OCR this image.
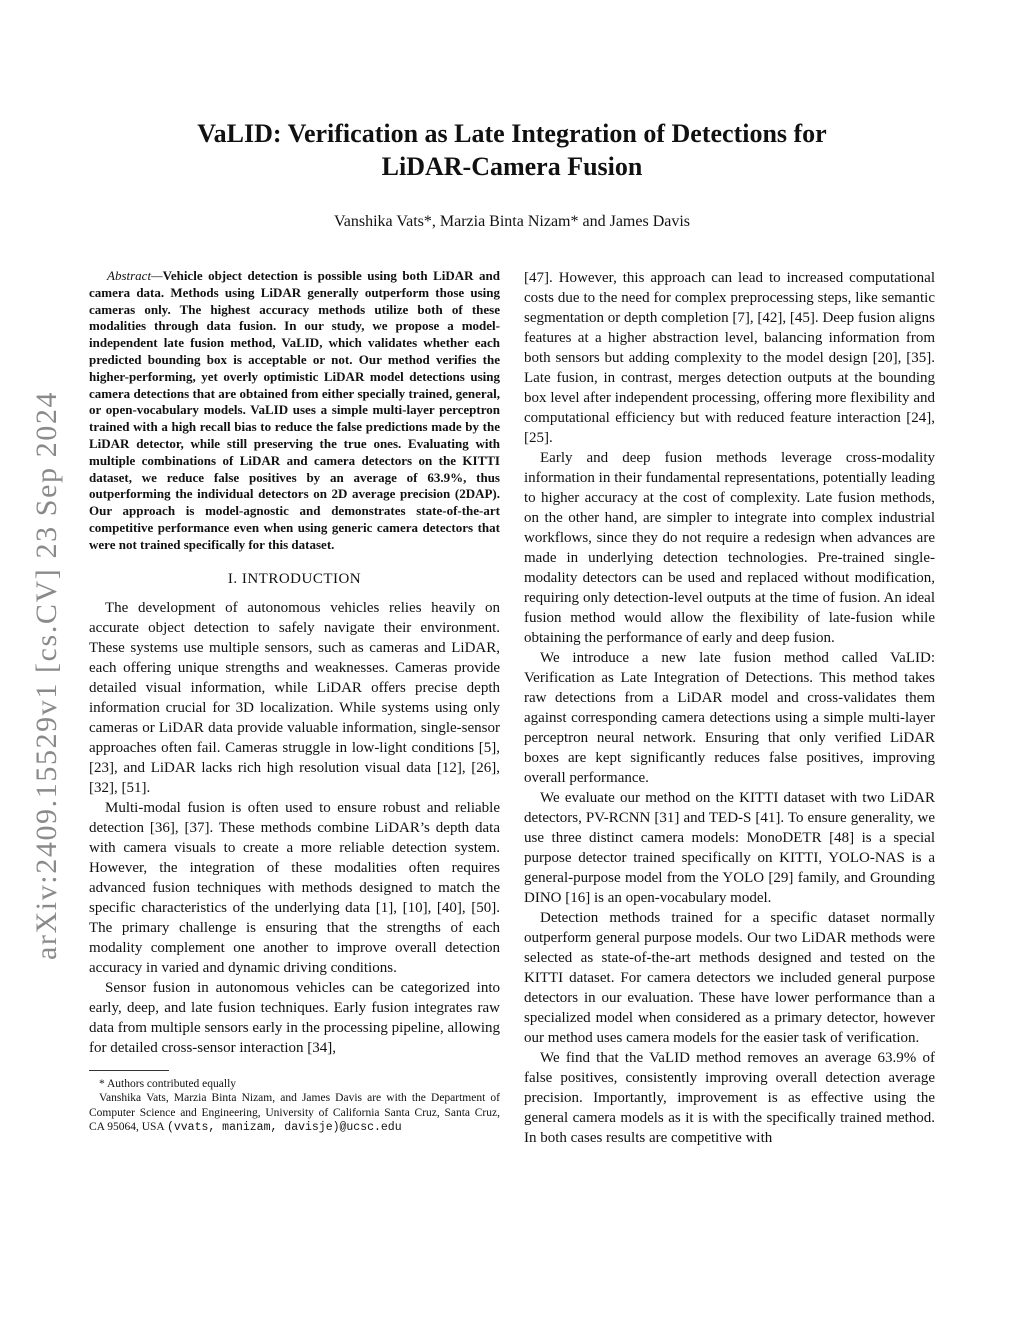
arXiv:2409.15529v1 [cs.CV] 23 Sep 2024
VaLID: Verification as Late Integration of Detections for
LiDAR-Camera Fusion
Vanshika Vats*, Marzia Binta Nizam* and James Davis

Abstract—Vehicle object detection is possible using both LiDAR and camera data. Methods using LiDAR generally outperform those using cameras only. The highest accuracy methods utilize both of these modalities through data fusion. In our study, we propose a model-independent late fusion method, VaLID, which validates whether each predicted bounding box is acceptable or not. Our method verifies the higher-performing, yet overly optimistic LiDAR model detections using camera detections that are obtained from either specially trained, general, or open-vocabulary models. VaLID uses a simple multi-layer perceptron trained with a high recall bias to reduce the false predictions made by the LiDAR detector, while still preserving the true ones. Evaluating with multiple combinations of LiDAR and camera detectors on the KITTI dataset, we reduce false positives by an average of 63.9%, thus outperforming the individual detectors on 2D average precision (2DAP). Our approach is model-agnostic and demonstrates state-of-the-art competitive performance even when using generic camera detectors that were not trained specifically for this dataset.

I. INTRODUCTION

The development of autonomous vehicles relies heavily on accurate object detection to safely navigate their environment. These systems use multiple sensors, such as cameras and LiDAR, each offering unique strengths and weaknesses. Cameras provide detailed visual information, while LiDAR offers precise depth information crucial for 3D localization. While systems using only cameras or LiDAR data provide valuable information, single-sensor approaches often fail. Cameras struggle in low-light conditions [5], [23], and LiDAR lacks rich high resolution visual data [12], [26], [32], [51].

Multi-modal fusion is often used to ensure robust and reliable detection [36], [37]. These methods combine LiDAR’s depth data with camera visuals to create a more reliable detection system. However, the integration of these modalities often requires advanced fusion techniques with methods designed to match the specific characteristics of the underlying data [1], [10], [40], [50]. The primary challenge is ensuring that the strengths of each modality complement one another to improve overall detection accuracy in varied and dynamic driving conditions.

Sensor fusion in autonomous vehicles can be categorized into early, deep, and late fusion techniques. Early fusion integrates raw data from multiple sensors early in the processing pipeline, allowing for detailed cross-sensor interaction [34],

* Authors contributed equally

Vanshika Vats, Marzia Binta Nizam, and James Davis are with the Department of Computer Science and Engineering, University of California Santa Cruz, Santa Cruz, CA 95064, USA (vvats, manizam, davisje)@ucsc.edu

[47]. However, this approach can lead to increased computational costs due to the need for complex preprocessing steps, like semantic segmentation or depth completion [7], [42], [45]. Deep fusion aligns features at a higher abstraction level, balancing information from both sensors but adding complexity to the model design [20], [35]. Late fusion, in contrast, merges detection outputs at the bounding box level after independent processing, offering more flexibility and computational efficiency but with reduced feature interaction [24], [25].

Early and deep fusion methods leverage cross-modality information in their fundamental representations, potentially leading to higher accuracy at the cost of complexity. Late fusion methods, on the other hand, are simpler to integrate into complex industrial workflows, since they do not require a redesign when advances are made in underlying detection technologies. Pre-trained single-modality detectors can be used and replaced without modification, requiring only detection-level outputs at the time of fusion. An ideal fusion method would allow the flexibility of late-fusion while obtaining the performance of early and deep fusion.

We introduce a new late fusion method called VaLID: Verification as Late Integration of Detections. This method takes raw detections from a LiDAR model and cross-validates them against corresponding camera detections using a simple multi-layer perceptron neural network. Ensuring that only verified LiDAR boxes are kept significantly reduces false positives, improving overall performance.

We evaluate our method on the KITTI dataset with two LiDAR detectors, PV-RCNN [31] and TED-S [41]. To ensure generality, we use three distinct camera models: MonoDETR [48] is a special purpose detector trained specifically on KITTI, YOLO-NAS is a general-purpose model from the YOLO [29] family, and Grounding DINO [16] is an open-vocabulary model.

Detection methods trained for a specific dataset normally outperform general purpose models. Our two LiDAR methods were selected as state-of-the-art methods designed and tested on the KITTI dataset. For camera detectors we included general purpose detectors in our evaluation. These have lower performance than a specialized model when considered as a primary detector, however our method uses camera models for the easier task of verification.

We find that the VaLID method removes an average 63.9% of false positives, consistently improving overall detection average precision. Importantly, improvement is as effective using the general camera models as it is with the specifically trained method. In both cases results are competitive with
